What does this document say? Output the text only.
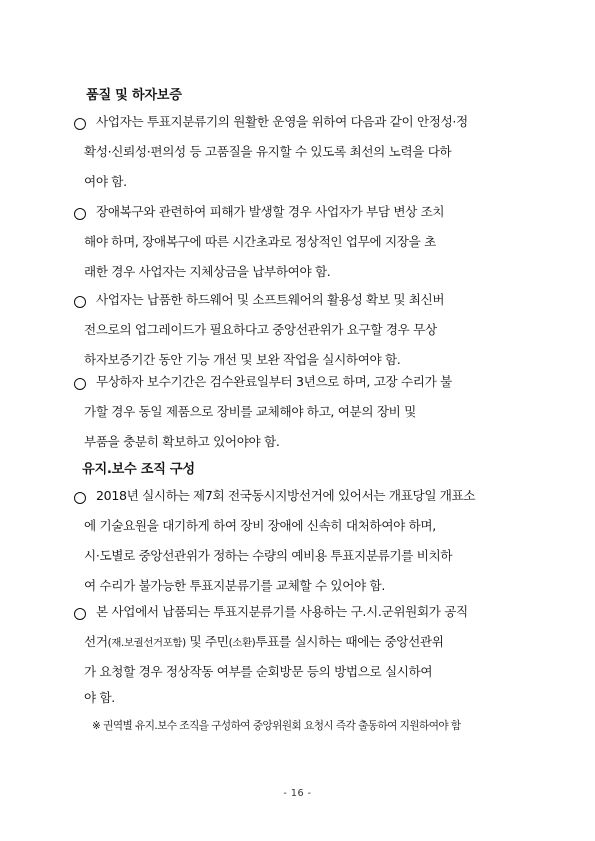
품질 및 하자보증
사업자는 투표지분류기의 원활한 운영을 위하여 다음과 같이 안정성·정
확성·신뢰성·편의성 등 고품질을 유지할 수 있도록 최선의 노력을 다하
여야 함.
장애복구와 관련하여 피해가 발생할 경우 사업자가 부담 변상 조치
해야 하며, 장애복구에 따른 시간초과로 정상적인 업무에 지장을 초
래한 경우 사업자는 지체상금을 납부하여야 함.
사업자는 납품한 하드웨어 및 소프트웨어의 활용성 확보 및 최신버
전으로의 업그레이드가 필요하다고 중앙선관위가 요구할 경우 무상
하자보증기간 동안 기능 개선 및 보완 작업을 실시하여야 함.
무상하자 보수기간은 검수완료일부터 3년으로 하며, 고장 수리가 불
가할 경우 동일 제품으로 장비를 교체해야 하고, 여분의 장비 및
부품을 충분히 확보하고 있어야야 함.
유지.보수 조직 구성
2018년 실시하는 제7회 전국동시지방선거에 있어서는 개표당일 개표소
에 기술요원을 대기하게 하여 장비 장애에 신속히 대처하여야 하며,
시·도별로 중앙선관위가 정하는 수량의 예비용 투표지분류기를 비치하
여 수리가 불가능한 투표지분류기를 교체할 수 있어야 함.
본 사업에서 납품되는 투표지분류기를 사용하는 구.시.군위원회가 공직
선거(재.보궐선거포함) 및 주민(소환)투표를 실시하는 때에는 중앙선관위
가 요청할 경우 정상작동 여부를 순회방문 등의 방법으로 실시하여
야 함.
※ 권역별 유지.보수 조직을 구성하여 중앙위원회 요청시 즉각 출동하여 지원하여야 함
- 16 -
